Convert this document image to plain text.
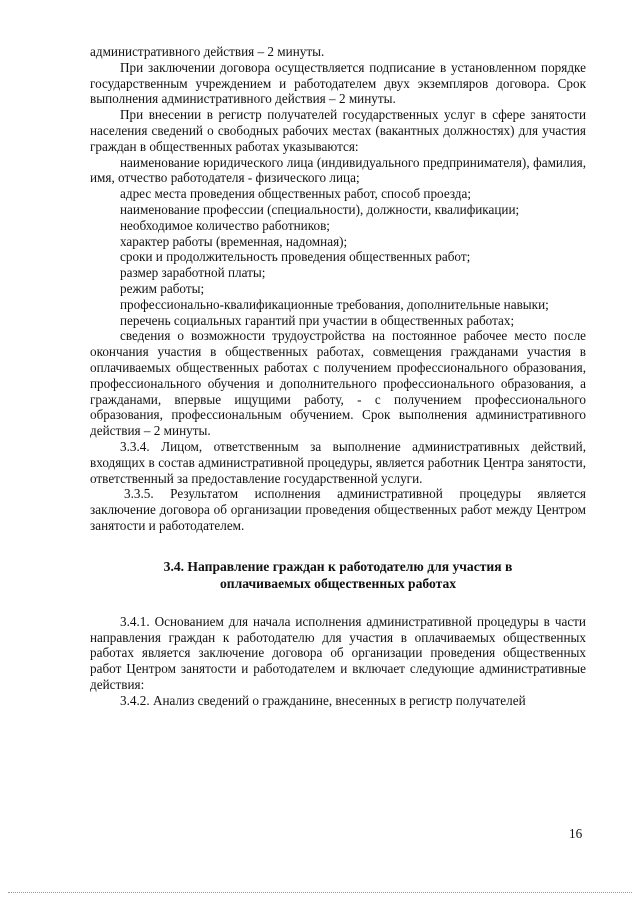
административного действия – 2 минуты.

При заключении договора осуществляется подписание в установленном порядке государственным учреждением и работодателем двух экземпляров договора. Срок выполнения административного действия – 2 минуты.

При внесении в регистр получателей государственных услуг в сфере занятости населения сведений о свободных рабочих местах (вакантных должностях) для участия граждан в общественных работах указываются:

наименование юридического лица (индивидуального предпринимателя), фамилия, имя, отчество работодателя - физического лица;

адрес места проведения общественных работ, способ проезда;

наименование профессии (специальности), должности, квалификации;

необходимое количество работников;

характер работы (временная, надомная);

сроки и продолжительность проведения общественных работ;

размер заработной платы;

режим работы;

профессионально-квалификационные требования, дополнительные навыки;

перечень социальных гарантий при участии в общественных работах;

сведения о возможности трудоустройства на постоянное рабочее место после окончания участия в общественных работах, совмещения гражданами участия в оплачиваемых общественных работах с получением профессионального образования, профессионального обучения и дополнительного профессионального образования, а гражданами, впервые ищущими работу, - с получением профессионального образования, профессиональным обучением. Срок выполнения административного действия – 2 минуты.

3.3.4. Лицом, ответственным за выполнение административных действий, входящих в состав административной процедуры, является работник Центра занятости, ответственный за предоставление государственной услуги.

3.3.5. Результатом исполнения административной процедуры является заключение договора об организации проведения общественных работ между Центром занятости и работодателем.

3.4. Направление граждан к работодателю для участия в
оплачиваемых общественных работах

3.4.1. Основанием для начала исполнения административной процедуры в части направления граждан к работодателю для участия в оплачиваемых общественных работах является заключение договора об организации проведения общественных работ Центром занятости и работодателем и включает следующие административные действия:

3.4.2. Анализ сведений о гражданине, внесенных в регистр получателей

16
